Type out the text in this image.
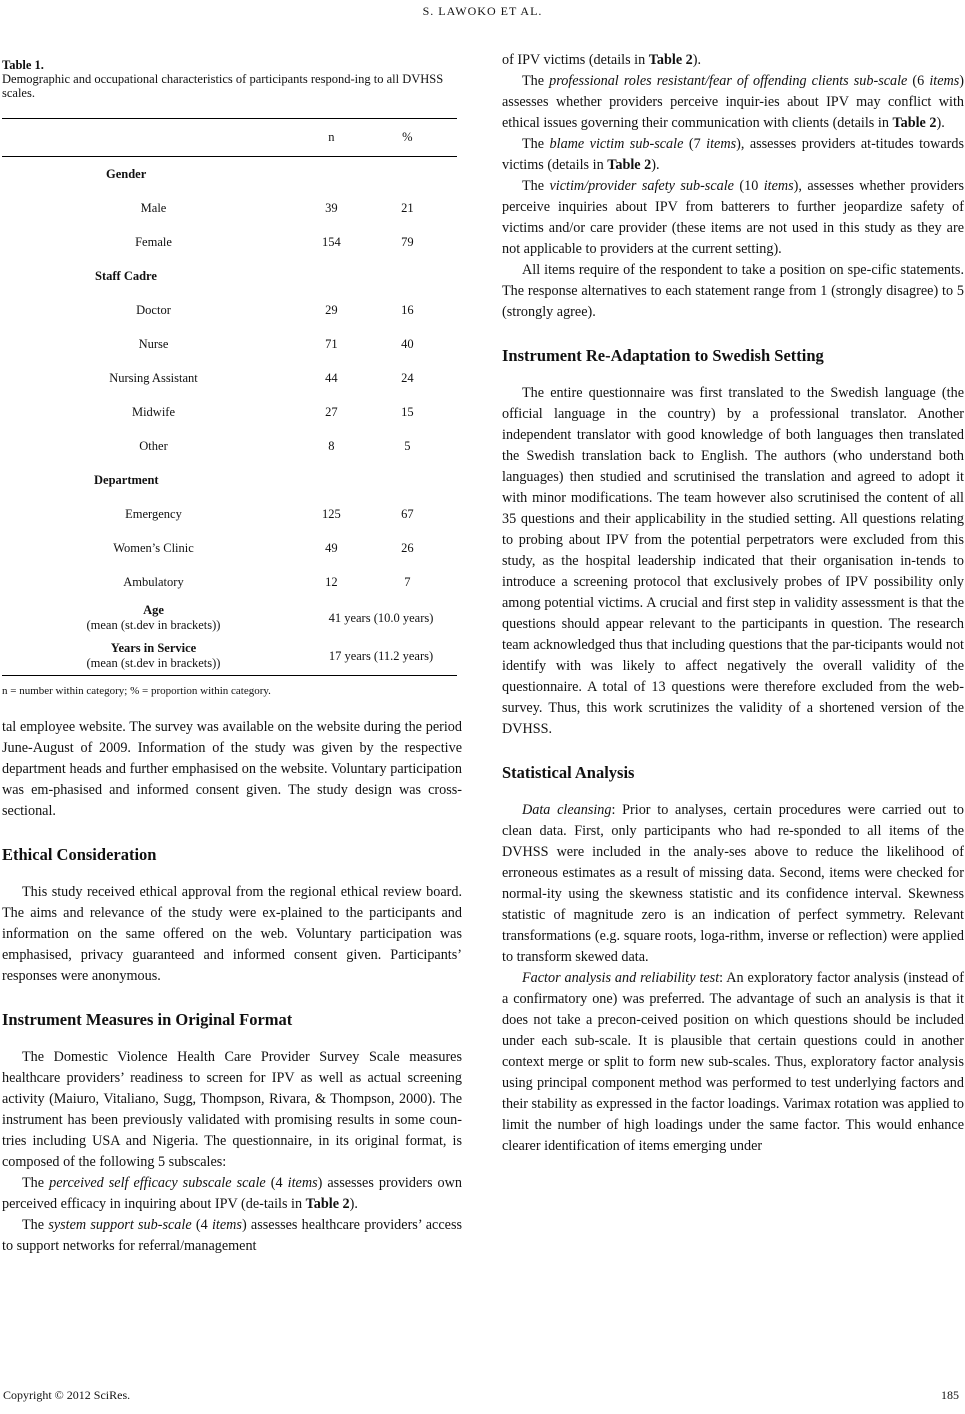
S. LAWOKO ET AL.

Table 1.
Demographic and occupational characteristics of participants respond-ing to all DVHSS scales.

	n	%
Gender		
Male	39	21
Female	154	79
Staff Cadre		
Doctor	29	16
Nurse	71	40
Nursing Assistant	44	24
Midwife	27	15
Other	8	5
Department		
Emergency	125	67
Women’s Clinic	49	26
Ambulatory	12	7

Age
(mean (st.dev in brackets))	41 years (10.0 years)	

Years in Service
(mean (st.dev in brackets))	17 years (11.2 years)	
n = number within category; % = proportion within category.

tal employee website. The survey was available on the website during the period June-August of 2009. Information of the study was given by the respective department heads and further emphasised on the website. Voluntary participation was em-phasised and informed consent given. The study design was cross-sectional.

Ethical Consideration

This study received ethical approval from the regional ethical review board. The aims and relevance of the study were ex-plained to the participants and information on the same offered on the web. Voluntary participation was emphasised, privacy guaranteed and informed consent given. Participants’ responses were anonymous.

Instrument Measures in Original Format

The Domestic Violence Health Care Provider Survey Scale measures healthcare providers’ readiness to screen for IPV as well as actual screening activity (Maiuro, Vitaliano, Sugg, Thompson, Rivara, & Thompson, 2000). The instrument has been previously validated with promising results in some coun-tries including USA and Nigeria. The questionnaire, in its original format, is composed of the following 5 subscales:

The perceived self efficacy subscale scale (4 items) assesses providers own perceived efficacy in inquiring about IPV (de-tails in Table 2).

The system support sub-scale (4 items) assesses healthcare providers’ access to support networks for referral/management

of IPV victims (details in Table 2).

The professional roles resistant/fear of offending clients sub-scale (6 items) assesses whether providers perceive inquir-ies about IPV may conflict with ethical issues governing their communication with clients (details in Table 2).

The blame victim sub-scale (7 items), assesses providers at-titudes towards victims (details in Table 2).

The victim/provider safety sub-scale (10 items), assesses whether providers perceive inquiries about IPV from batterers to further jeopardize safety of victims and/or care provider (these items are not used in this study as they are not applicable to providers at the current setting).

All items require of the respondent to take a position on spe-cific statements. The response alternatives to each statement range from 1 (strongly disagree) to 5 (strongly agree).

Instrument Re-Adaptation to Swedish Setting

The entire questionnaire was first translated to the Swedish language (the official language in the country) by a professional translator. Another independent translator with good knowledge of both languages then translated the Swedish translation back to English. The authors (who understand both languages) then studied and scrutinised the translation and agreed to adopt it with minor modifications. The team however also scrutinised the content of all 35 questions and their applicability in the studied setting. All questions relating to probing about IPV from the potential perpetrators were excluded from this study, as the hospital leadership indicated that their organisation in-tends to introduce a screening protocol that exclusively probes of IPV possibility only among potential victims. A crucial and first step in validity assessment is that the questions should appear relevant to the participants in question. The research team acknowledged thus that including questions that the par-ticipants would not identify with was likely to affect negatively the overall validity of the questionnaire. A total of 13 questions were therefore excluded from the web-survey. Thus, this work scrutinizes the validity of a shortened version of the DVHSS.

Statistical Analysis

Data cleansing: Prior to analyses, certain procedures were carried out to clean data. First, only participants who had re-sponded to all items of the DVHSS were included in the analy-ses above to reduce the likelihood of erroneous estimates as a result of missing data. Second, items were checked for normal-ity using the skewness statistic and its confidence interval. Skewness statistic of magnitude zero is an indication of perfect symmetry. Relevant transformations (e.g. square roots, loga-rithm, inverse or reflection) were applied to transform skewed data.

Factor analysis and reliability test: An exploratory factor analysis (instead of a confirmatory one) was preferred. The advantage of such an analysis is that it does not take a precon-ceived position on which questions should be included under each sub-scale. It is plausible that certain questions could in another context merge or split to form new sub-scales. Thus, exploratory factor analysis using principal component method was performed to test underlying factors and their stability as expressed in the factor loadings. Varimax rotation was applied to limit the number of high loadings under the same factor. This would enhance clearer identification of items emerging under

Copyright © 2012 SciRes.	185
